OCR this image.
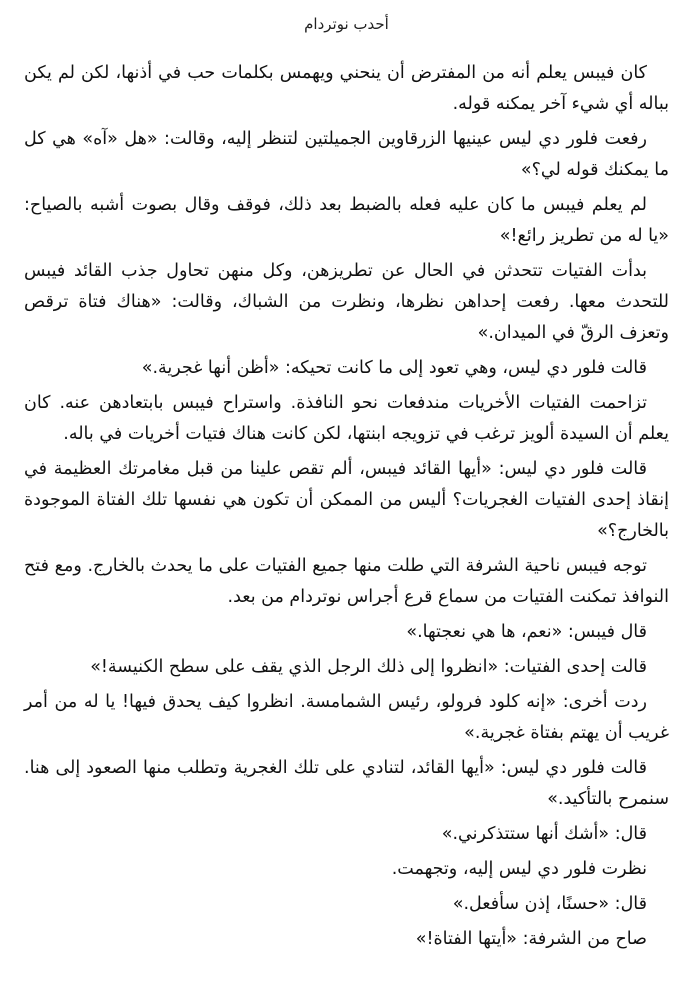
أحدب نوتردام

كان فيبس يعلم أنه من المفترض أن ينحني ويهمس بكلمات حب في أذنها، لكن لم يكن بباله أي شيء آخر يمكنه قوله.

رفعت فلور دي ليس عينيها الزرقاوين الجميلتين لتنظر إليه، وقالت: «هل «آه» هي كل ما يمكنك قوله لي؟»

لم يعلم فيبس ما كان عليه فعله بالضبط بعد ذلك، فوقف وقال بصوت أشبه بالصياح: «يا له من تطريز رائع!»

بدأت الفتيات تتحدثن في الحال عن تطريزهن، وكل منهن تحاول جذب القائد فيبس للتحدث معها. رفعت إحداهن نظرها، ونظرت من الشباك، وقالت: «هناك فتاة ترقص وتعزف الرقّ في الميدان.»

قالت فلور دي ليس، وهي تعود إلى ما كانت تحيكه: «أظن أنها غجرية.»

تزاحمت الفتيات الأخريات مندفعات نحو النافذة. واستراح فيبس بابتعادهن عنه. كان يعلم أن السيدة ألويز ترغب في تزويجه ابنتها، لكن كانت هناك فتيات أخريات في باله.

قالت فلور دي ليس: «أيها القائد فيبس، ألم تقص علينا من قبل مغامرتك العظيمة في إنقاذ إحدى الفتيات الغجريات؟ أليس من الممكن أن تكون هي نفسها تلك الفتاة الموجودة بالخارج؟»

توجه فيبس ناحية الشرفة التي طلت منها جميع الفتيات على ما يحدث بالخارج. ومع فتح النوافذ تمكنت الفتيات من سماع قرع أجراس نوتردام من بعد.

قال فيبس: «نعم، ها هي نعجتها.»

قالت إحدى الفتيات: «انظروا إلى ذلك الرجل الذي يقف على سطح الكنيسة!»

ردت أخرى: «إنه كلود فرولو، رئيس الشمامسة. انظروا كيف يحدق فيها! يا له من أمر غريب أن يهتم بفتاة غجرية.»

قالت فلور دي ليس: «أيها القائد، لتنادي على تلك الغجرية وتطلب منها الصعود إلى هنا. سنمرح بالتأكيد.»

قال: «أشك أنها ستتذكرني.»

نظرت فلور دي ليس إليه، وتجهمت.

قال: «حسنًا، إذن سأفعل.»

صاح من الشرفة: «أيتها الفتاة!»
